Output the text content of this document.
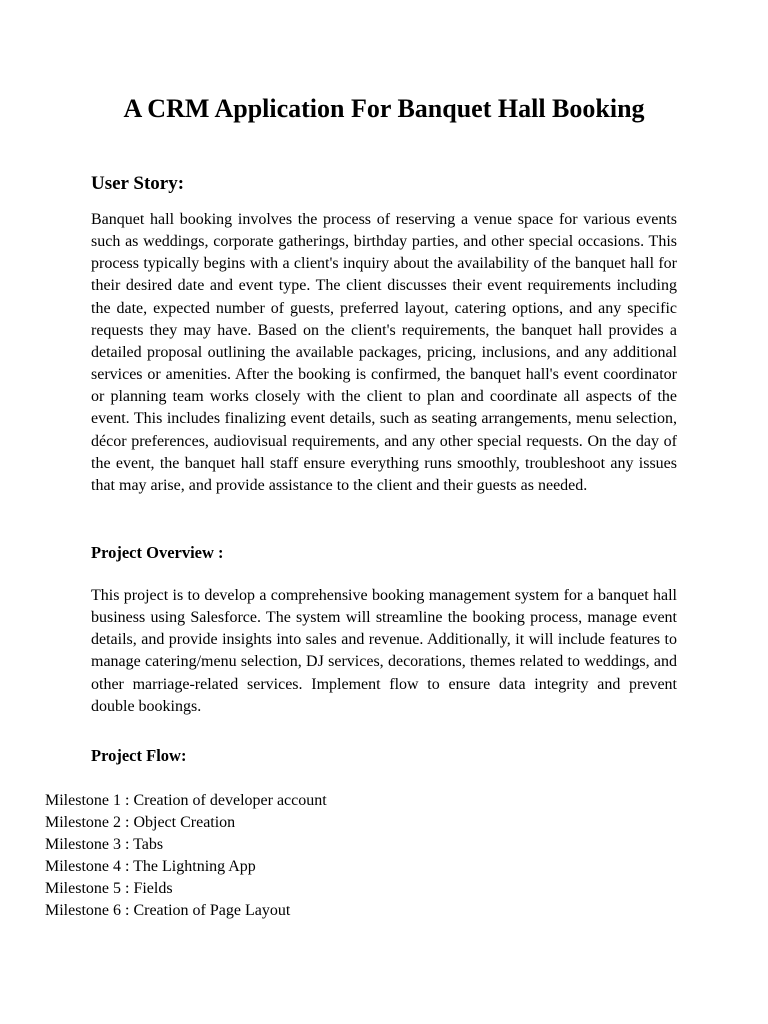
A CRM Application For Banquet Hall Booking
User Story:

Banquet hall booking involves the process of reserving a venue space for various events such as weddings, corporate gatherings, birthday parties, and other special occasions. This process typically begins with a client's inquiry about the availability of the banquet hall for their desired date and event type. The client discusses their event requirements including the date, expected number of guests, preferred layout, catering options, and any specific requests they may have. Based on the client's requirements, the banquet hall provides a detailed proposal outlining the available packages, pricing, inclusions, and any additional services or amenities. After the booking is confirmed, the banquet hall's event coordinator or planning team works closely with the client to plan and coordinate all aspects of the event. This includes finalizing event details, such as seating arrangements, menu selection, décor preferences, audiovisual requirements, and any other special requests. On the day of the event, the banquet hall staff ensure everything runs smoothly, troubleshoot any issues that may arise, and provide assistance to the client and their guests as needed.

Project Overview :

This project is to develop a comprehensive booking management system for a banquet hall business using Salesforce. The system will streamline the booking process, manage event details, and provide insights into sales and revenue. Additionally, it will include features to manage catering/menu selection, DJ services, decorations, themes related to weddings, and other marriage-related services. Implement flow to ensure data integrity and prevent double bookings.

Project Flow:
Milestone 1 : Creation of developer account
Milestone 2 : Object Creation
Milestone 3 : Tabs
Milestone 4 : The Lightning App
Milestone 5 : Fields
Milestone 6 : Creation of Page Layout
